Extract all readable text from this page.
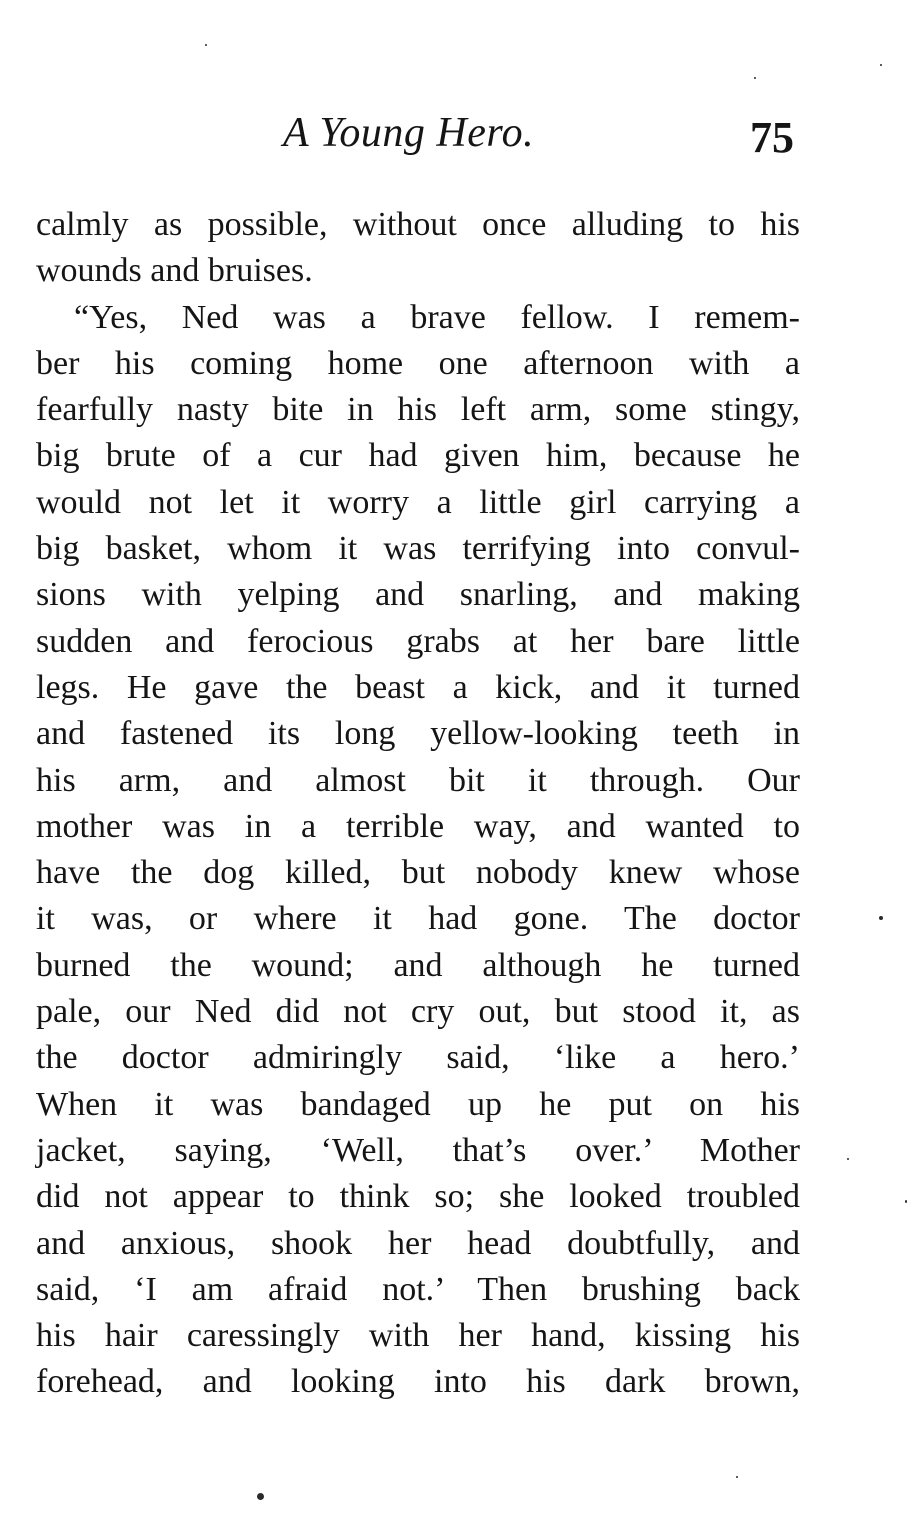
A Young Hero.	75
calmly as possible, without once alluding to his
wounds and bruises.
“Yes, Ned was a brave fellow. I remem-
ber his coming home one afternoon with a
fearfully nasty bite in his left arm, some stingy,
big brute of a cur had given him, because he
would not let it worry a little girl carrying a
big basket, whom it was terrifying into convul-
sions with yelping and snarling, and making
sudden and ferocious grabs at her bare little
legs. He gave the beast a kick, and it turned
and fastened its long yellow-looking teeth in
his arm, and almost bit it through. Our
mother was in a terrible way, and wanted to
have the dog killed, but nobody knew whose
it was, or where it had gone. The doctor
burned the wound; and although he turned
pale, our Ned did not cry out, but stood it, as
the doctor admiringly said, ‘like a hero.’
When it was bandaged up he put on his
jacket, saying, ‘Well, that’s over.’ Mother
did not appear to think so; she looked troubled
and anxious, shook her head doubtfully, and
said, ‘I am afraid not.’ Then brushing back
his hair caressingly with her hand, kissing his
forehead, and looking into his dark brown,
